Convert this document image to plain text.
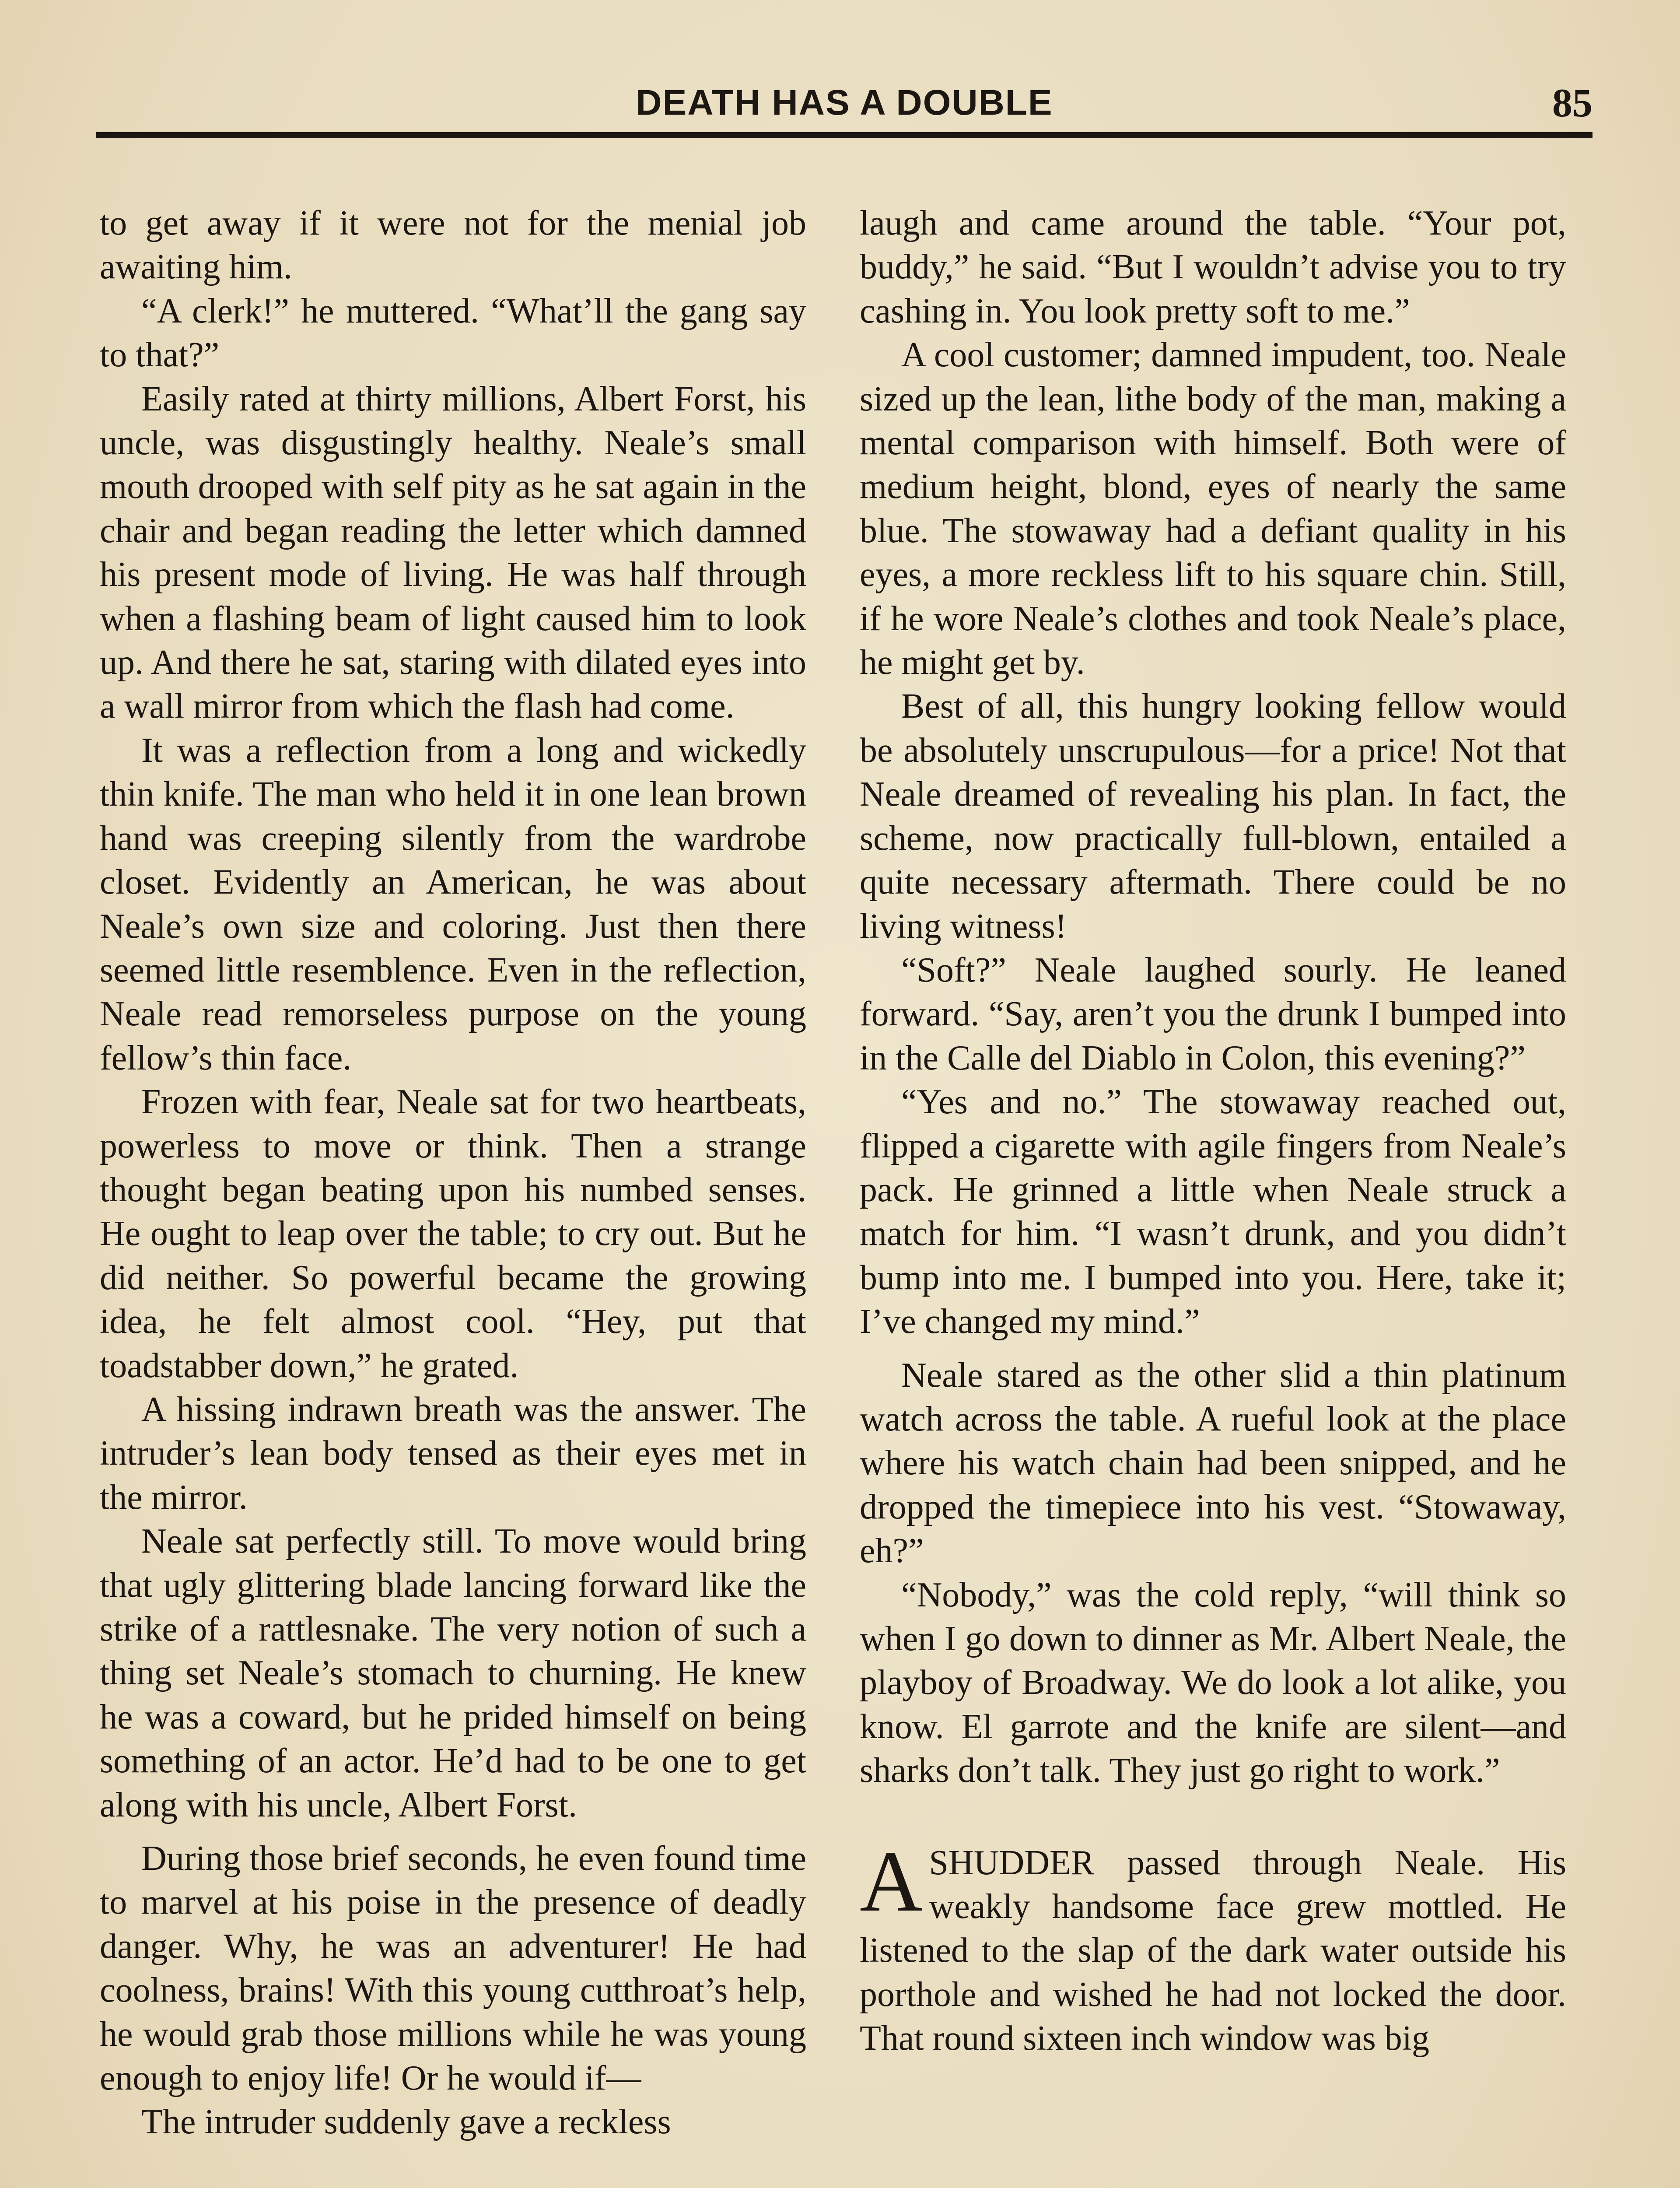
DEATH HAS A DOUBLE	85

to get away if it were not for the menial job awaiting him.

“A clerk!” he muttered. “What’ll the gang say to that?”

Easily rated at thirty millions, Albert Forst, his uncle, was disgustingly healthy. Neale’s small mouth drooped with self pity as he sat again in the chair and began reading the letter which damned his present mode of living. He was half through when a flashing beam of light caused him to look up. And there he sat, staring with dilated eyes into a wall mirror from which the flash had come.

It was a reflection from a long and wickedly thin knife. The man who held it in one lean brown hand was creeping silently from the wardrobe closet. Evidently an American, he was about Neale’s own size and coloring. Just then there seemed little resemblence. Even in the reflection, Neale read remorseless purpose on the young fellow’s thin face.

Frozen with fear, Neale sat for two heartbeats, powerless to move or think. Then a strange thought began beating upon his numbed senses. He ought to leap over the table; to cry out. But he did neither. So powerful became the growing idea, he felt almost cool. “Hey, put that toadstabber down,” he grated.

A hissing indrawn breath was the answer. The intruder’s lean body tensed as their eyes met in the mirror.

Neale sat perfectly still. To move would bring that ugly glittering blade lancing forward like the strike of a rattlesnake. The very notion of such a thing set Neale’s stomach to churning. He knew he was a coward, but he prided himself on being something of an actor. He’d had to be one to get along with his uncle, Albert Forst.

During those brief seconds, he even found time to marvel at his poise in the presence of deadly danger. Why, he was an adventurer! He had coolness, brains! With this young cutthroat’s help, he would grab those millions while he was young enough to enjoy life! Or he would if—

The intruder suddenly gave a reckless

laugh and came around the table. “Your pot, buddy,” he said. “But I wouldn’t advise you to try cashing in. You look pretty soft to me.”

A cool customer; damned impudent, too. Neale sized up the lean, lithe body of the man, making a mental comparison with himself. Both were of medium height, blond, eyes of nearly the same blue. The stowaway had a defiant quality in his eyes, a more reckless lift to his square chin. Still, if he wore Neale’s clothes and took Neale’s place, he might get by.

Best of all, this hungry looking fellow would be absolutely unscrupulous—for a price! Not that Neale dreamed of revealing his plan. In fact, the scheme, now practically full-blown, entailed a quite necessary aftermath. There could be no living witness!

“Soft?” Neale laughed sourly. He leaned forward. “Say, aren’t you the drunk I bumped into in the Calle del Diablo in Colon, this evening?”

“Yes and no.” The stowaway reached out, flipped a cigarette with agile fingers from Neale’s pack. He grinned a little when Neale struck a match for him. “I wasn’t drunk, and you didn’t bump into me. I bumped into you. Here, take it; I’ve changed my mind.”

Neale stared as the other slid a thin platinum watch across the table. A rueful look at the place where his watch chain had been snipped, and he dropped the timepiece into his vest. “Stowaway, eh?”

“Nobody,” was the cold reply, “will think so when I go down to dinner as Mr. Albert Neale, the playboy of Broadway. We do look a lot alike, you know. El garrote and the knife are silent—and sharks don’t talk. They just go right to work.”

ASHUDDER passed through Neale. His weakly handsome face grew mottled. He listened to the slap of the dark water outside his porthole and wished he had not locked the door. That round sixteen inch window was big
